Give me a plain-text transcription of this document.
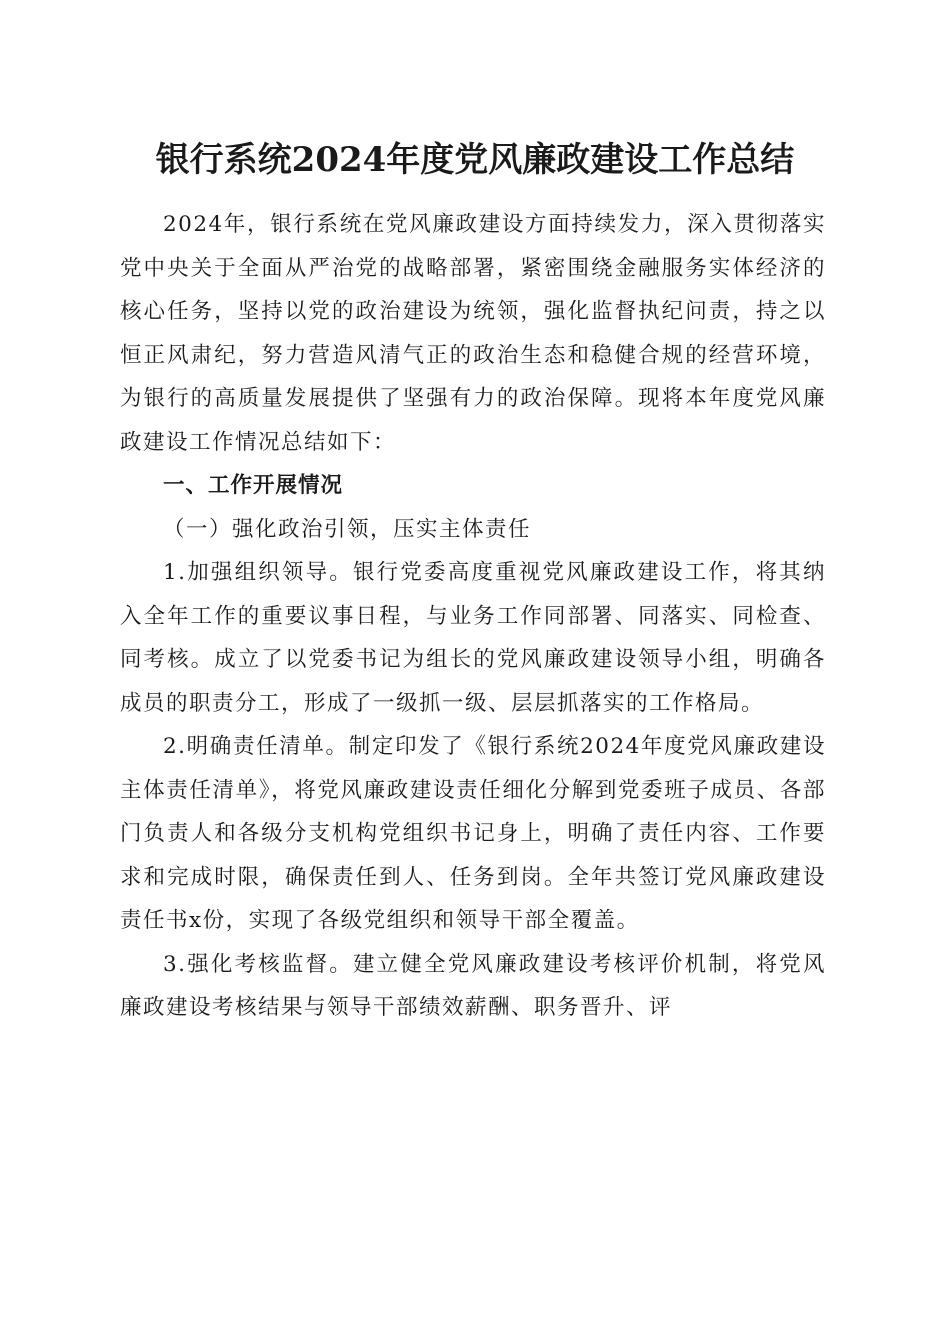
银行系统2024年度党风廉政建设工作总结

2024年，银行系统在党风廉政建设方面持续发力，深入贯彻落实党中央关于全面从严治党的战略部署，紧密围绕金融服务实体经济的核心任务，坚持以党的政治建设为统领，强化监督执纪问责，持之以恒正风肃纪，努力营造风清气正的政治生态和稳健合规的经营环境，为银行的高质量发展提供了坚强有力的政治保障。现将本年度党风廉政建设工作情况总结如下：

一、工作开展情况
（一）强化政治引领，压实主体责任

1.加强组织领导。银行党委高度重视党风廉政建设工作，将其纳入全年工作的重要议事日程，与业务工作同部署、同落实、同检查、同考核。成立了以党委书记为组长的党风廉政建设领导小组，明确各成员的职责分工，形成了一级抓一级、层层抓落实的工作格局。

2.明确责任清单。制定印发了《银行系统2024年度党风廉政建设主体责任清单》，将党风廉政建设责任细化分解到党委班子成员、各部门负责人和各级分支机构党组织书记身上，明确了责任内容、工作要求和完成时限，确保责任到人、任务到岗。全年共签订党风廉政建设责任书x份，实现了各级党组织和领导干部全覆盖。

3.强化考核监督。建立健全党风廉政建设考核评价机制，将党风廉政建设考核结果与领导干部绩效薪酬、职务晋升、评
